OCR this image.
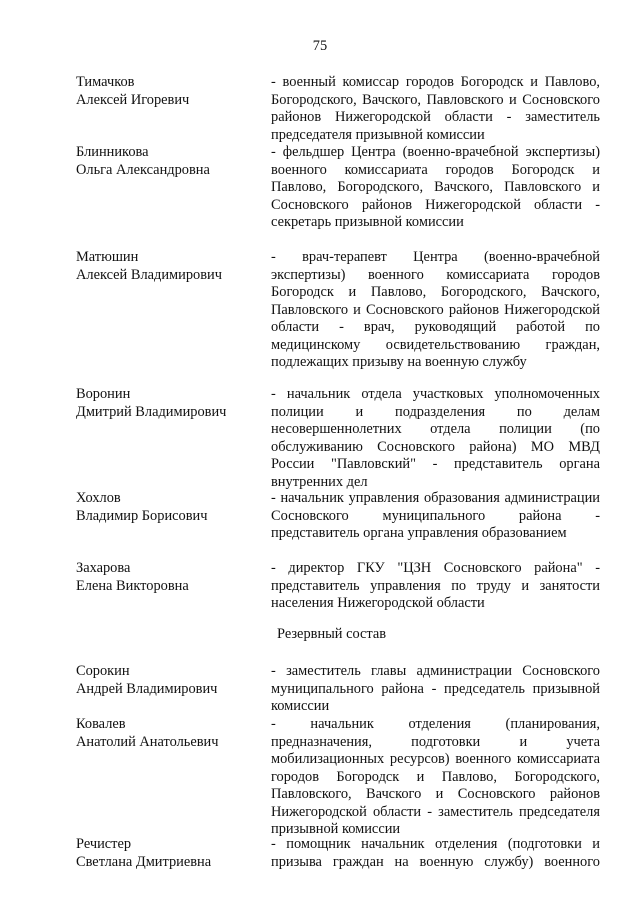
75
Тимачков
Алексей Игоревич
- военный комиссар городов Богородск и Павлово, Богородского, Вачского, Павловского и Сосновского районов Нижегородской области - заместитель председателя призывной комиссии
Блинникова
Ольга Александровна
- фельдшер Центра (военно-врачебной экспертизы) военного комиссариата городов Богородск и Павлово, Богородского, Вачского, Павловского и Сосновского районов Нижегородской области - секретарь призывной комиссии
Матюшин
Алексей Владимирович
- врач-терапевт Центра (военно-врачебной экспертизы) военного комиссариата городов Богородск и Павлово, Богородского, Вачского, Павловского и Сосновского районов Нижегородской области - врач, руководящий работой по медицинскому освидетельствованию граждан, подлежащих призыву на военную службу
Воронин
Дмитрий Владимирович
- начальник отдела участковых уполномоченных полиции и подразделения по делам несовершеннолетних отдела полиции (по обслуживанию Сосновского района) МО МВД России "Павловский" - представитель органа внутренних дел
Хохлов
Владимир Борисович
- начальник управления образования администрации Сосновского муниципального района - представитель органа управления образованием
Захарова
Елена Викторовна
- директор ГКУ "ЦЗН Сосновского района" - представитель управления по труду и занятости населения Нижегородской области
Резервный состав
Сорокин
Андрей Владимирович
- заместитель главы администрации Сосновского муниципального района - председатель призывной комиссии
Ковалев
Анатолий Анатольевич
- начальник отделения (планирования, предназначения, подготовки и учета мобилизационных ресурсов) военного комиссариата городов Богородск и Павлово, Богородского, Павловского, Вачского и Сосновского районов Нижегородской области - заместитель председателя призывной комиссии
Речистер
Светлана Дмитриевна
- помощник начальник отделения (подготовки и призыва граждан на военную службу) военного
